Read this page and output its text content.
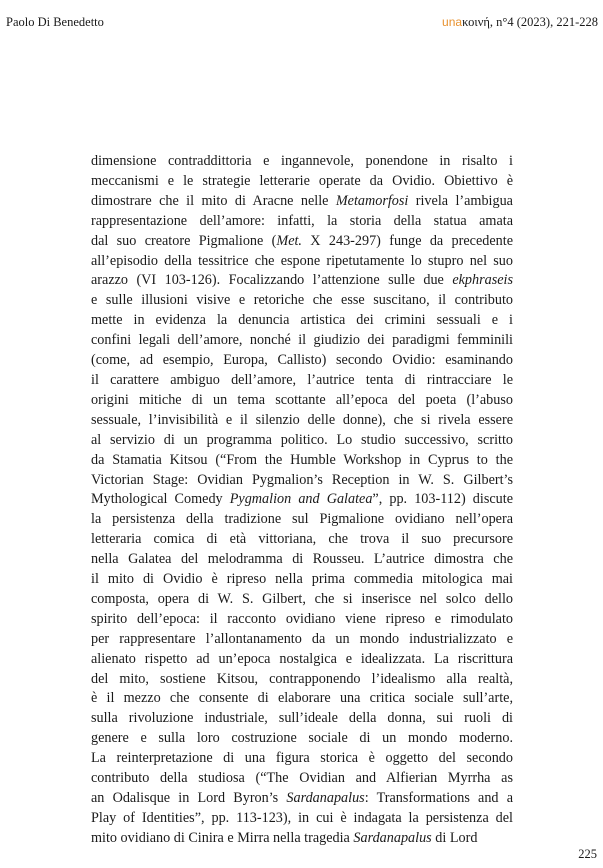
Paolo Di Benedetto	unaκοινή, n°4 (2023), 221-228
dimensione contraddittoria e ingannevole, ponendone in risalto i
meccanismi e le strategie letterarie operate da Ovidio. Obiettivo è
dimostrare che il mito di Aracne nelle Metamorfosi rivela l’ambigua
rappresentazione dell’amore: infatti, la storia della statua amata
dal suo creatore Pigmalione (Met. X 243-297) funge da precedente
all’episodio della tessitrice che espone ripetutamente lo stupro nel suo
arazzo (VI 103-126). Focalizzando l’attenzione sulle due ekphraseis
e sulle illusioni visive e retoriche che esse suscitano, il contributo
mette in evidenza la denuncia artistica dei crimini sessuali e i
confini legali dell’amore, nonché il giudizio dei paradigmi femminili
(come, ad esempio, Europa, Callisto) secondo Ovidio: esaminando
il carattere ambiguo dell’amore, l’autrice tenta di rintracciare le
origini mitiche di un tema scottante all’epoca del poeta (l’abuso
sessuale, l’invisibilità e il silenzio delle donne), che si rivela essere
al servizio di un programma politico. Lo studio successivo, scritto
da Stamatia Kitsou (“From the Humble Workshop in Cyprus to the
Victorian Stage: Ovidian Pygmalion’s Reception in W. S. Gilbert’s
Mythological Comedy Pygmalion and Galatea”, pp. 103-112) discute
la persistenza della tradizione sul Pigmalione ovidiano nell’opera
letteraria comica di età vittoriana, che trova il suo precursore
nella Galatea del melodramma di Rousseu. L’autrice dimostra che
il mito di Ovidio è ripreso nella prima commedia mitologica mai
composta, opera di W. S. Gilbert, che si inserisce nel solco dello
spirito dell’epoca: il racconto ovidiano viene ripreso e rimodulato
per rappresentare l’allontanamento da un mondo industrializzato e
alienato rispetto ad un’epoca nostalgica e idealizzata. La riscrittura
del mito, sostiene Kitsou, contrapponendo l’idealismo alla realtà,
è il mezzo che consente di elaborare una critica sociale sull’arte,
sulla rivoluzione industriale, sull’ideale della donna, sui ruoli di
genere e sulla loro costruzione sociale di un mondo moderno.
La reinterpretazione di una figura storica è oggetto del secondo
contributo della studiosa (“The Ovidian and Alfierian Myrrha as
an Odalisque in Lord Byron’s Sardanapalus: Transformations and a
Play of Identities”, pp. 113-123), in cui è indagata la persistenza del
mito ovidiano di Cinira e Mirra nella tragedia Sardanapalus di Lord
225
